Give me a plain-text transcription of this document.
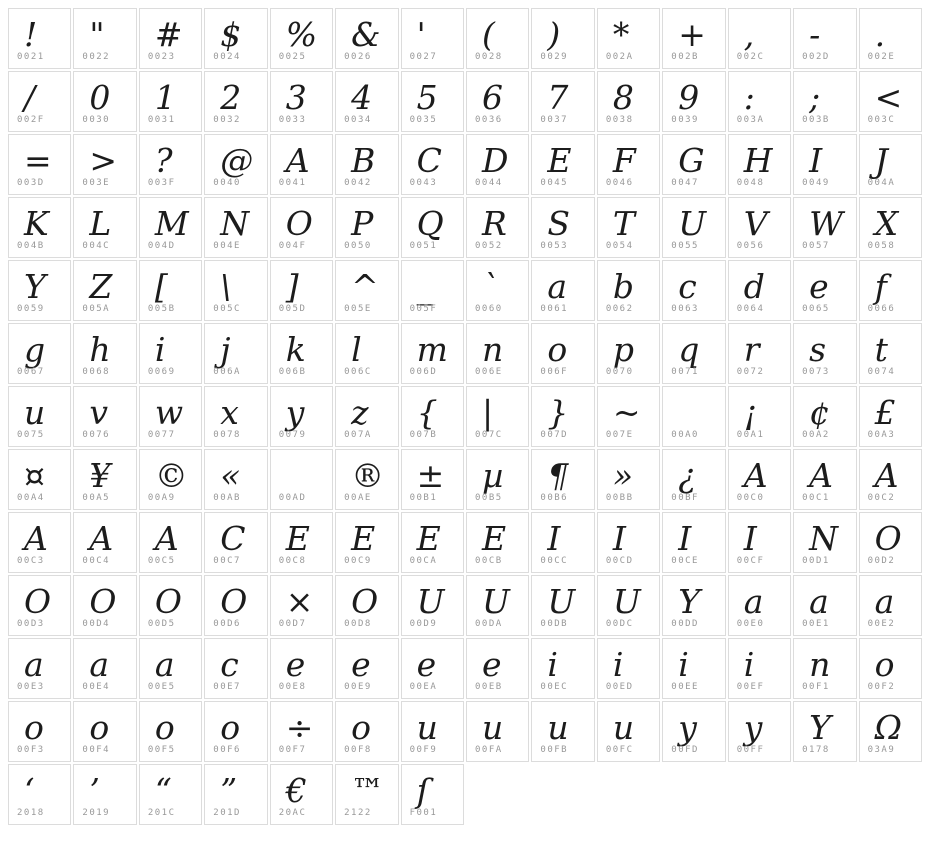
!
0021
"
0022
#
0023
$
0024
%
0025
&
0026
'
0027
(
0028
)
0029
*
002A
+
002B
,
002C
-
002D
.
002E
/
002F
0
0030
1
0031
2
0032
3
0033
4
0034
5
0035
6
0036
7
0037
8
0038
9
0039
:
003A
;
003B
<
003C
=
003D
>
003E
?
003F
@
0040
A
0041
B
0042
C
0043
D
0044
E
0045
F
0046
G
0047
H
0048
I
0049
J
004A
K
004B
L
004C
M
004D
N
004E
O
004F
P
0050
Q
0051
R
0052
S
0053
T
0054
U
0055
V
0056
W
0057
X
0058
Y
0059
Z
005A
[
005B
\
005C
]
005D
^
005E
_
005F
`
0060
a
0061
b
0062
c
0063
d
0064
e
0065
f
0066
g
0067
h
0068
i
0069
j
006A
k
006B
l
006C
m
006D
n
006E
o
006F
p
0070
q
0071
r
0072
s
0073
t
0074
u
0075
v
0076
w
0077
x
0078
y
0079
z
007A
{
007B
|
007C
}
007D
~
007E	00A0
¡
00A1
¢
00A2
£
00A3
¤
00A4
¥
00A5
©
00A9
«
00AB	00AD
®
00AE
±
00B1
µ
00B5
¶
00B6
»
00BB
¿
00BF
A
00C0
A
00C1
A
00C2
A
00C3
A
00C4
A
00C5
C
00C7
E
00C8
E
00C9
E
00CA
E
00CB
I
00CC
I
00CD
I
00CE
I
00CF
N
00D1
O
00D2
O
00D3
O
00D4
O
00D5
O
00D6
×
00D7
O
00D8
U
00D9
U
00DA
U
00DB
U
00DC
Y
00DD
a
00E0
a
00E1
a
00E2
a
00E3
a
00E4
a
00E5
c
00E7
e
00E8
e
00E9
e
00EA
e
00EB
i
00EC
i
00ED
i
00EE
i
00EF
n
00F1
o
00F2
o
00F3
o
00F4
o
00F5
o
00F6
÷
00F7
o
00F8
u
00F9
u
00FA
u
00FB
u
00FC
y
00FD
y
00FF
Y
0178
Ω
03A9
‘
2018
’
2019
“
201C
”
201D
€
20AC
™
2122
ſ
F001
